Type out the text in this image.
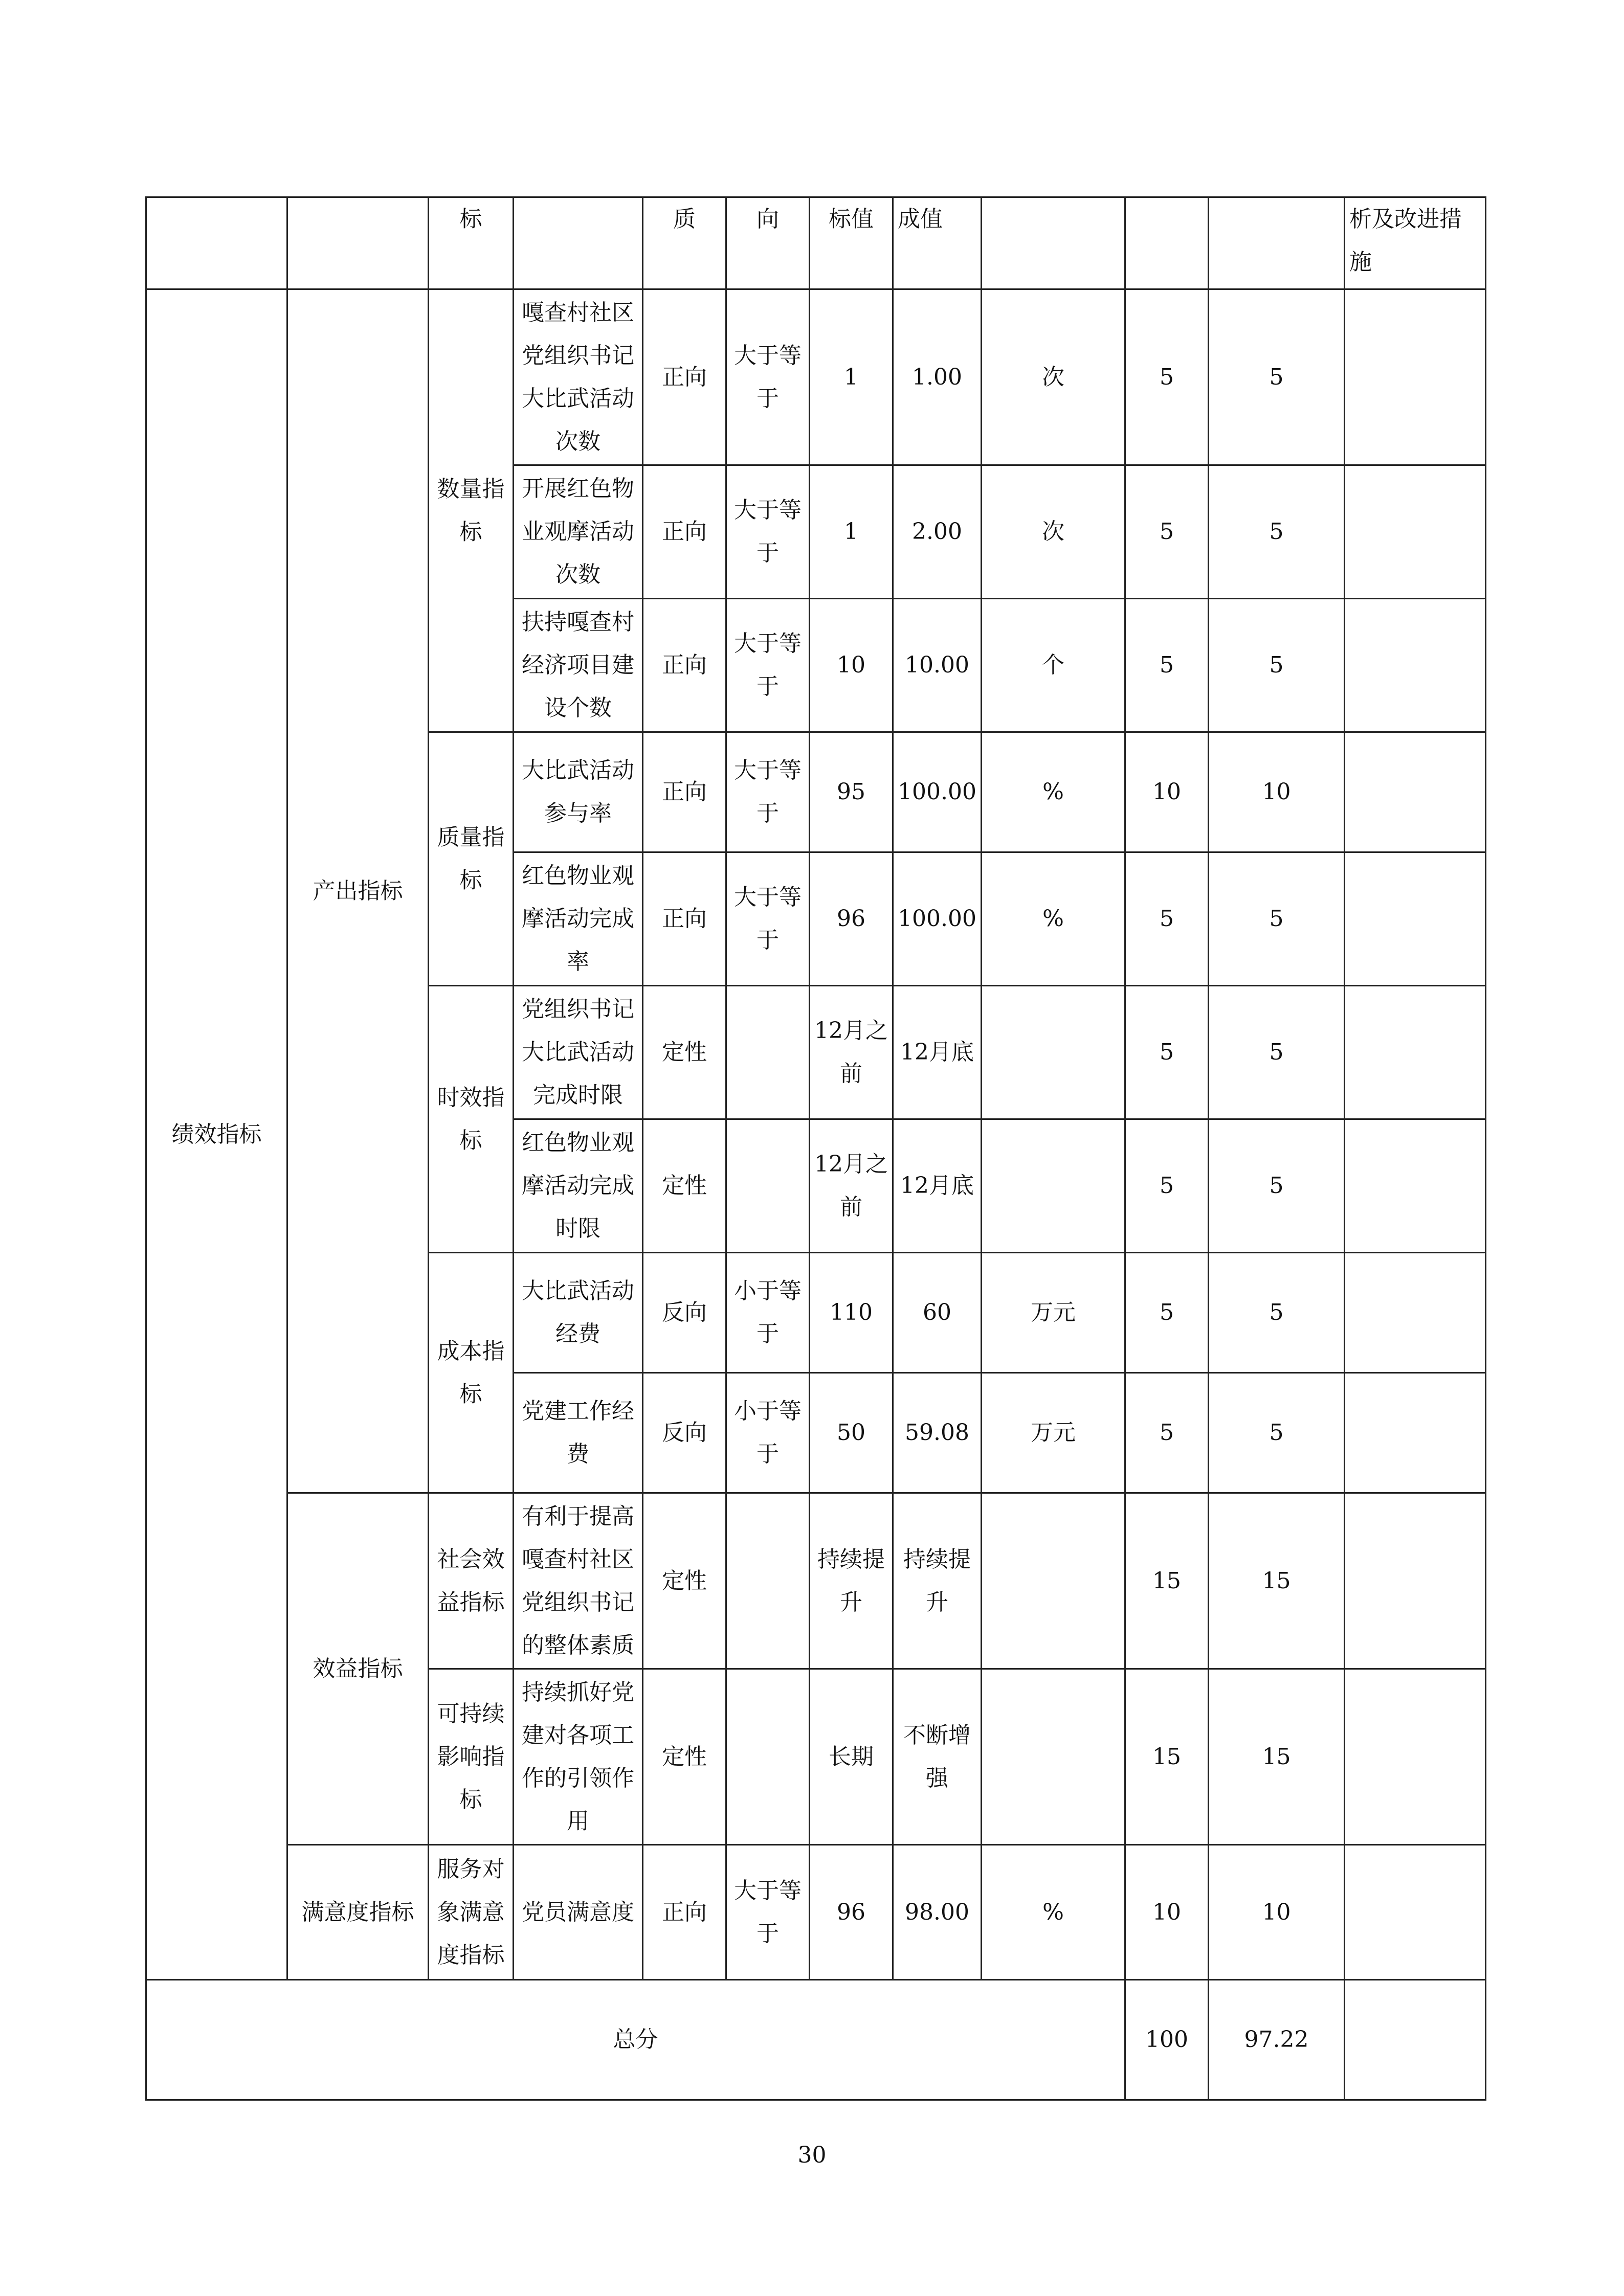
		标		质	向	标值	成值				析及改进措施
绩效指标	产出指标	数量指标	嘎查村社区党组织书记大比武活动次数	正向	大于等于	1	1.00	次	5	5	
			开展红色物业观摩活动次数	正向	大于等于	1	2.00	次	5	5	
			扶持嘎查村经济项目建设个数	正向	大于等于	10	10.00	个	5	5	
		质量指标	大比武活动参与率	正向	大于等于	95	100.00	%	10	10	
			红色物业观摩活动完成率	正向	大于等于	96	100.00	%	5	5	
		时效指标	党组织书记大比武活动完成时限	定性		12月之前	12月底		5	5	
			红色物业观摩活动完成时限	定性		12月之前	12月底		5	5	
		成本指标	大比武活动经费	反向	小于等于	110	60	万元	5	5	
			党建工作经费	反向	小于等于	50	59.08	万元	5	5	
	效益指标	社会效益指标	有利于提高嘎查村社区党组织书记的整体素质	定性		持续提升	持续提升		15	15	
		可持续影响指标	持续抓好党建对各项工作的引领作用	定性		长期	不断增强		15	15	
	满意度指标	服务对象满意度指标	党员满意度	正向	大于等于	96	98.00	%	10	10	
总分									100	97.22	
30
